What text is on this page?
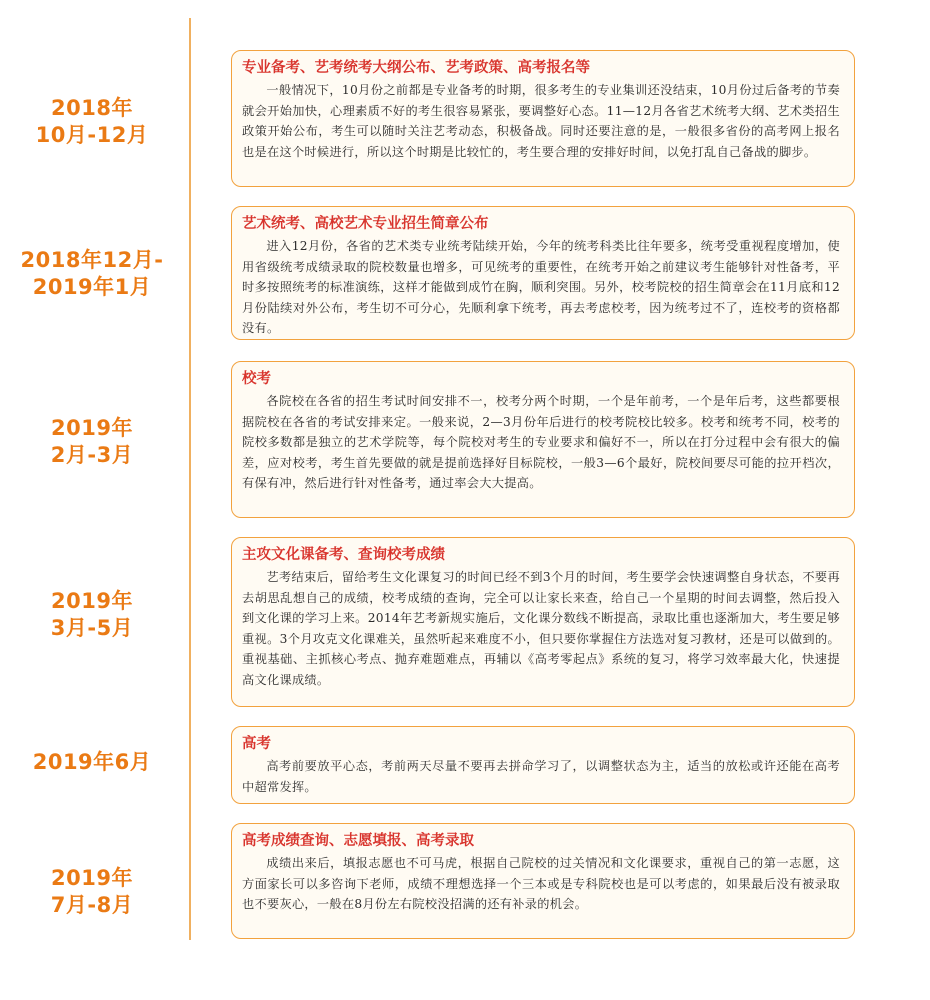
2018年
10月-12月
专业备考、艺考统考大纲公布、艺考政策、高考报名等
一般情况下，10月份之前都是专业备考的时期，很多考生的专业集训还没结束，10月份过后备考的节奏就会开始加快，心理素质不好的考生很容易紧张，要调整好心态。11—12月各省艺术统考大纲、艺术类招生政策开始公布，考生可以随时关注艺考动态，积极备战。同时还要注意的是，一般很多省份的高考网上报名也是在这个时候进行，所以这个时期是比较忙的，考生要合理的安排好时间，以免打乱自己备战的脚步。
2018年12月-
2019年1月
艺术统考、高校艺术专业招生简章公布
进入12月份，各省的艺术类专业统考陆续开始，今年的统考科类比往年要多，统考受重视程度增加，使用省级统考成绩录取的院校数量也增多，可见统考的重要性，在统考开始之前建议考生能够针对性备考，平时多按照统考的标准演练，这样才能做到成竹在胸，顺利突围。另外，校考院校的招生简章会在11月底和12月份陆续对外公布，考生切不可分心，先顺利拿下统考，再去考虑校考，因为统考过不了，连校考的资格都没有。
2019年
2月-3月
校考
各院校在各省的招生考试时间安排不一，校考分两个时期，一个是年前考，一个是年后考，这些都要根据院校在各省的考试安排来定。一般来说，2—3月份年后进行的校考院校比较多。校考和统考不同，校考的院校多数都是独立的艺术学院等，每个院校对考生的专业要求和偏好不一，所以在打分过程中会有很大的偏差，应对校考，考生首先要做的就是提前选择好目标院校，一般3—6个最好，院校间要尽可能的拉开档次，有保有冲，然后进行针对性备考，通过率会大大提高。
2019年
3月-5月
主攻文化课备考、查询校考成绩
艺考结束后，留给考生文化课复习的时间已经不到3个月的时间，考生要学会快速调整自身状态，不要再去胡思乱想自己的成绩，校考成绩的查询，完全可以让家长来查，给自己一个星期的时间去调整，然后投入到文化课的学习上来。2014年艺考新规实施后，文化课分数线不断提高，录取比重也逐渐加大，考生要足够重视。3个月攻克文化课难关，虽然听起来难度不小，但只要你掌握住方法选对复习教材，还是可以做到的。重视基础、主抓核心考点、抛弃难题难点，再辅以《高考零起点》系统的复习，将学习效率最大化，快速提高文化课成绩。
2019年6月
高考
高考前要放平心态，考前两天尽量不要再去拼命学习了，以调整状态为主，适当的放松或许还能在高考中超常发挥。
2019年
7月-8月
高考成绩查询、志愿填报、高考录取
成绩出来后，填报志愿也不可马虎，根据自己院校的过关情况和文化课要求，重视自己的第一志愿，这方面家长可以多咨询下老师，成绩不理想选择一个三本或是专科院校也是可以考虑的，如果最后没有被录取也不要灰心，一般在8月份左右院校没招满的还有补录的机会。
